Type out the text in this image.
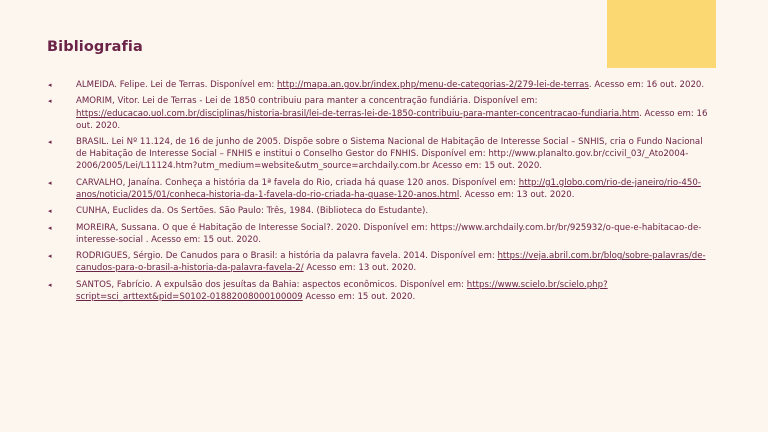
Bibliografia
◂	ALMEIDA. Felipe. Lei de Terras. Disponível em: http://mapa.an.gov.br/index.php/menu-de-categorias-2/279-lei-de-terras. Acesso em: 16 out. 2020.
◂	AMORIM, Vitor. Lei de Terras - Lei de 1850 contribuiu para manter a concentração fundiária. Disponível em: https://educacao.uol.com.br/disciplinas/historia-brasil/lei-de-terras-lei-de-1850-contribuiu-para-manter-concentracao-fundiaria.htm. Acesso em: 16 out. 2020.
◂	BRASIL. Lei Nº 11.124, de 16 de junho de 2005. Dispõe sobre o Sistema Nacional de Habitação de Interesse Social – SNHIS, cria o Fundo Nacional de Habitação de Interesse Social – FNHIS e institui o Conselho Gestor do FNHIS. Disponível em: http://www.planalto.gov.br/ccivil_03/_Ato2004-2006/2005/Lei/L11124.htm?utm_medium=website&utm_source=archdaily.com.br Acesso em: 15 out. 2020.
◂	CARVALHO, Janaína. Conheça a história da 1ª favela do Rio, criada há quase 120 anos. Disponível em: http://g1.globo.com/rio-de-janeiro/rio-450-anos/noticia/2015/01/conheca-historia-da-1-favela-do-rio-criada-ha-quase-120-anos.html. Acesso em: 13 out. 2020.
◂	CUNHA, Euclides da. Os Sertões. São Paulo: Três, 1984. (Biblioteca do Estudante).
◂	MOREIRA, Sussana. O que é Habitação de Interesse Social?. 2020. Disponível em: https://www.archdaily.com.br/br/925932/o-que-e-habitacao-de-interesse-social . Acesso em: 15 out. 2020.
◂	RODRIGUES, Sérgio. De Canudos para o Brasil: a história da palavra favela. 2014. Disponível em: https://veja.abril.com.br/blog/sobre-palavras/de-canudos-para-o-brasil-a-historia-da-palavra-favela-2/ Acesso em: 13 out. 2020.
◂	SANTOS, Fabrício. A expulsão dos jesuítas da Bahia: aspectos econômicos. Disponível em: https://www.scielo.br/scielo.php?script=sci_arttext&pid=S0102-01882008000100009 Acesso em: 15 out. 2020.
